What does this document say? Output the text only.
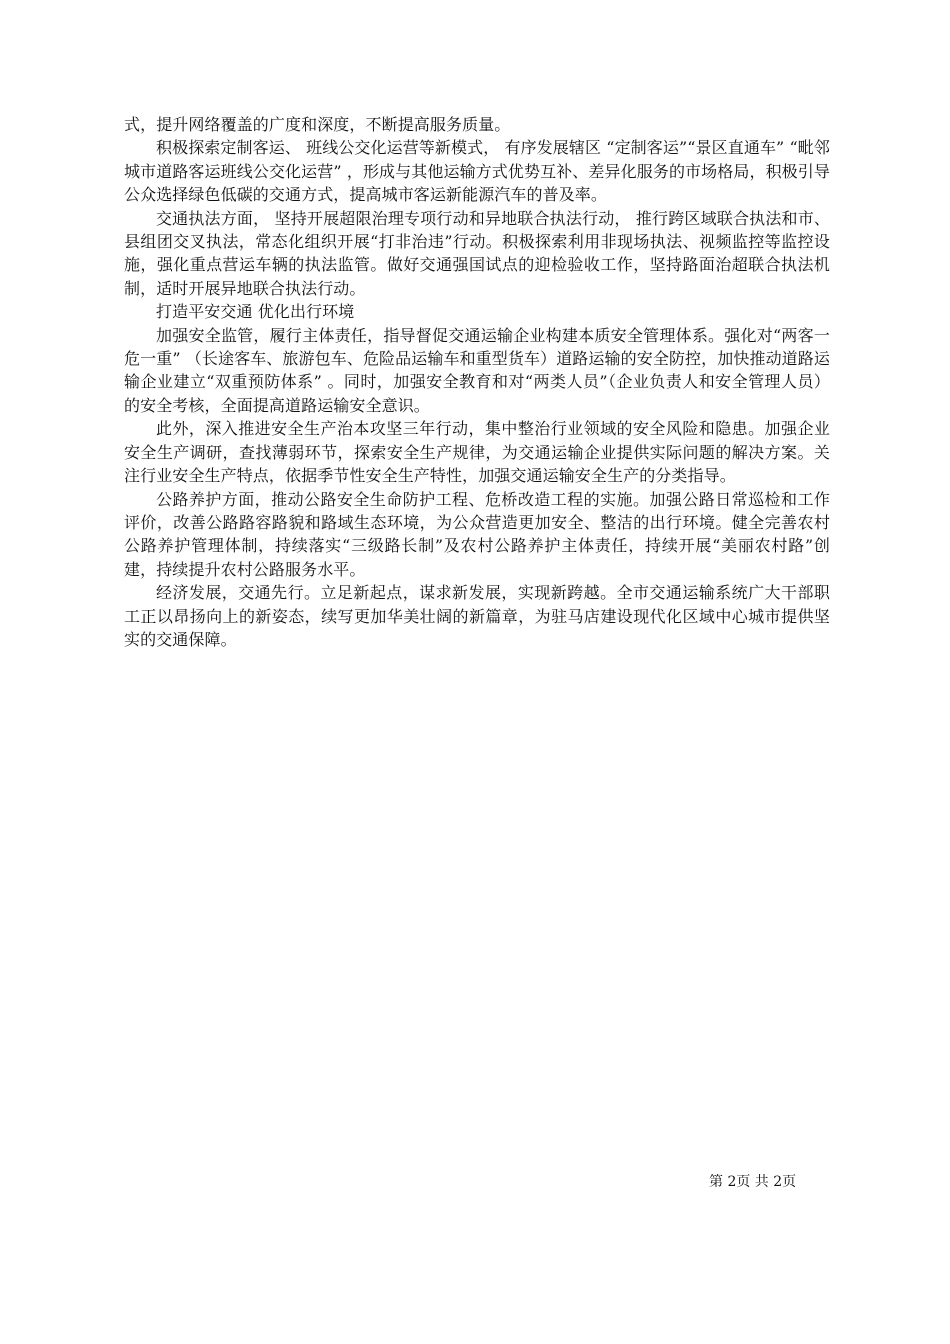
式，提升网络覆盖的广度和深度，不断提高服务质量。

积极探索定制客运、 班线公交化运营等新模式， 有序发展辖区 “定制客运”“景区直通车” “毗邻城市道路客运班线公交化运营” ，形成与其他运输方式优势互补、差异化服务的市场格局，积极引导公众选择绿色低碳的交通方式，提高城市客运新能源汽车的普及率。

交通执法方面， 坚持开展超限治理专项行动和异地联合执法行动， 推行跨区域联合执法和市、县组团交叉执法，常态化组织开展“打非治违”行动。积极探索利用非现场执法、视频监控等监控设施，强化重点营运车辆的执法监管。做好交通强国试点的迎检验收工作，坚持路面治超联合执法机制，适时开展异地联合执法行动。

打造平安交通 优化出行环境

加强安全监管，履行主体责任，指导督促交通运输企业构建本质安全管理体系。强化对“两客一危一重” （长途客车、旅游包车、危险品运输车和重型货车）道路运输的安全防控，加快推动道路运输企业建立“双重预防体系” 。同时，加强安全教育和对“两类人员”（企业负责人和安全管理人员）的安全考核，全面提高道路运输安全意识。

此外，深入推进安全生产治本攻坚三年行动，集中整治行业领域的安全风险和隐患。加强企业安全生产调研，查找薄弱环节，探索安全生产规律，为交通运输企业提供实际问题的解决方案。关注行业安全生产特点，依据季节性安全生产特性，加强交通运输安全生产的分类指导。

公路养护方面，推动公路安全生命防护工程、危桥改造工程的实施。加强公路日常巡检和工作评价，改善公路路容路貌和路域生态环境，为公众营造更加安全、整洁的出行环境。健全完善农村公路养护管理体制，持续落实“三级路长制”及农村公路养护主体责任，持续开展“美丽农村路”创建，持续提升农村公路服务水平。

经济发展，交通先行。立足新起点，谋求新发展，实现新跨越。全市交通运输系统广大干部职工正以昂扬向上的新姿态，续写更加华美壮阔的新篇章，为驻马店建设现代化区域中心城市提供坚实的交通保障。

第 2页 共 2页
